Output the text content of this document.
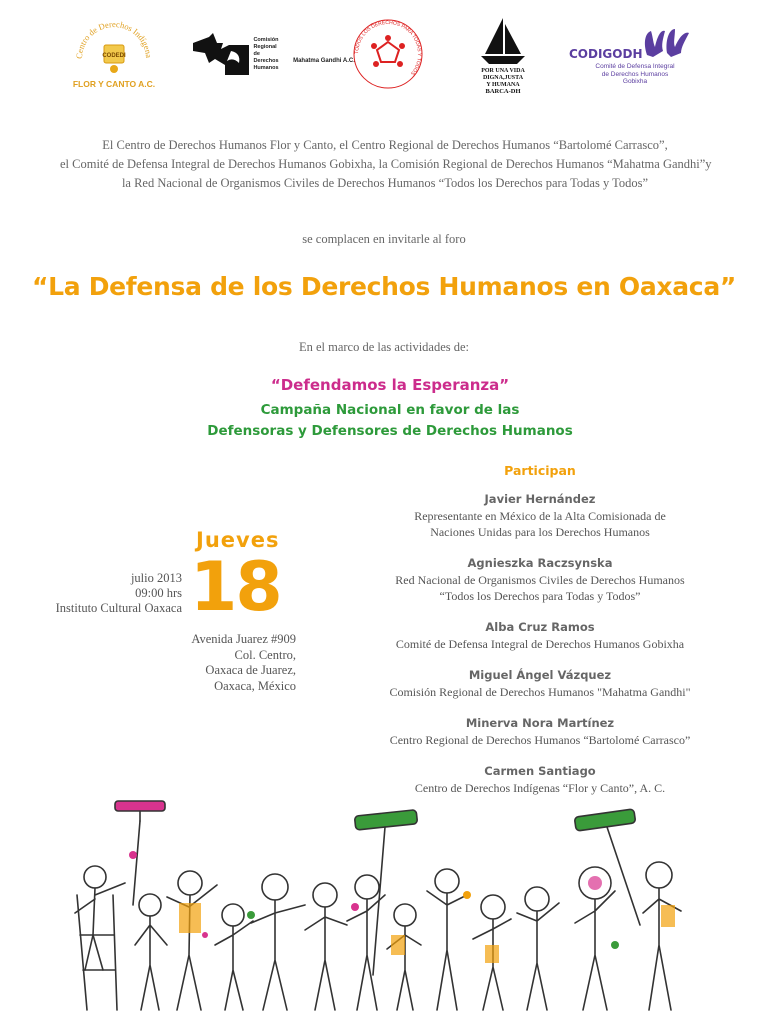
Centro de Derechos Indígena
CODEDI
FLOR Y CANTO A.C.
Comisión
Regional
de
Derechos
Humanos
Mahatma Gandhi A.C.
TODOS LOS DERECHOS PARA TODAS Y TODOS	POR UNA VIDA
DIGNA,JUSTA
Y HUMANA
BARCA-DH
CODIGODH
Comité de Defensa Integral
de Derechos Humanos
Gobixha
El Centro de Derechos Humanos Flor y Canto, el Centro Regional de Derechos Humanos “Bartolomé Carrasco”,
el Comité de Defensa Integral de Derechos Humanos Gobixha, la Comisión Regional de Derechos Humanos “Mahatma Gandhi”y
la Red Nacional de Organismos Civiles de Derechos Humanos “Todos los Derechos para Todas y Todos”
se complacen en invitarle al foro
“La Defensa de los Derechos Humanos en Oaxaca”
En el marco de las actividades de:
“Defendamos la Esperanza”
Campaña Nacional en favor de las
Defensoras y Defensores de Derechos Humanos
Jueves
18
julio 2013
09:00 hrs
Instituto Cultural Oaxaca
Avenida Juarez #909
Col. Centro,
Oaxaca de Juarez,
Oaxaca, México
Participan
Javier Hernández
Representante en México de la Alta Comisionada de
Naciones Unidas para los Derechos Humanos
Agnieszka Raczsynska
Red Nacional de Organismos Civiles de Derechos Humanos
“Todos los Derechos para Todas y Todos”
Alba Cruz Ramos
Comité de Defensa Integral de Derechos Humanos Gobixha
Miguel Ángel Vázquez
Comisión Regional de Derechos Humanos "Mahatma Gandhi"
Minerva Nora Martínez
Centro Regional de Derechos Humanos “Bartolomé Carrasco”
Carmen Santiago
Centro de Derechos Indígenas “Flor y Canto”, A. C.
